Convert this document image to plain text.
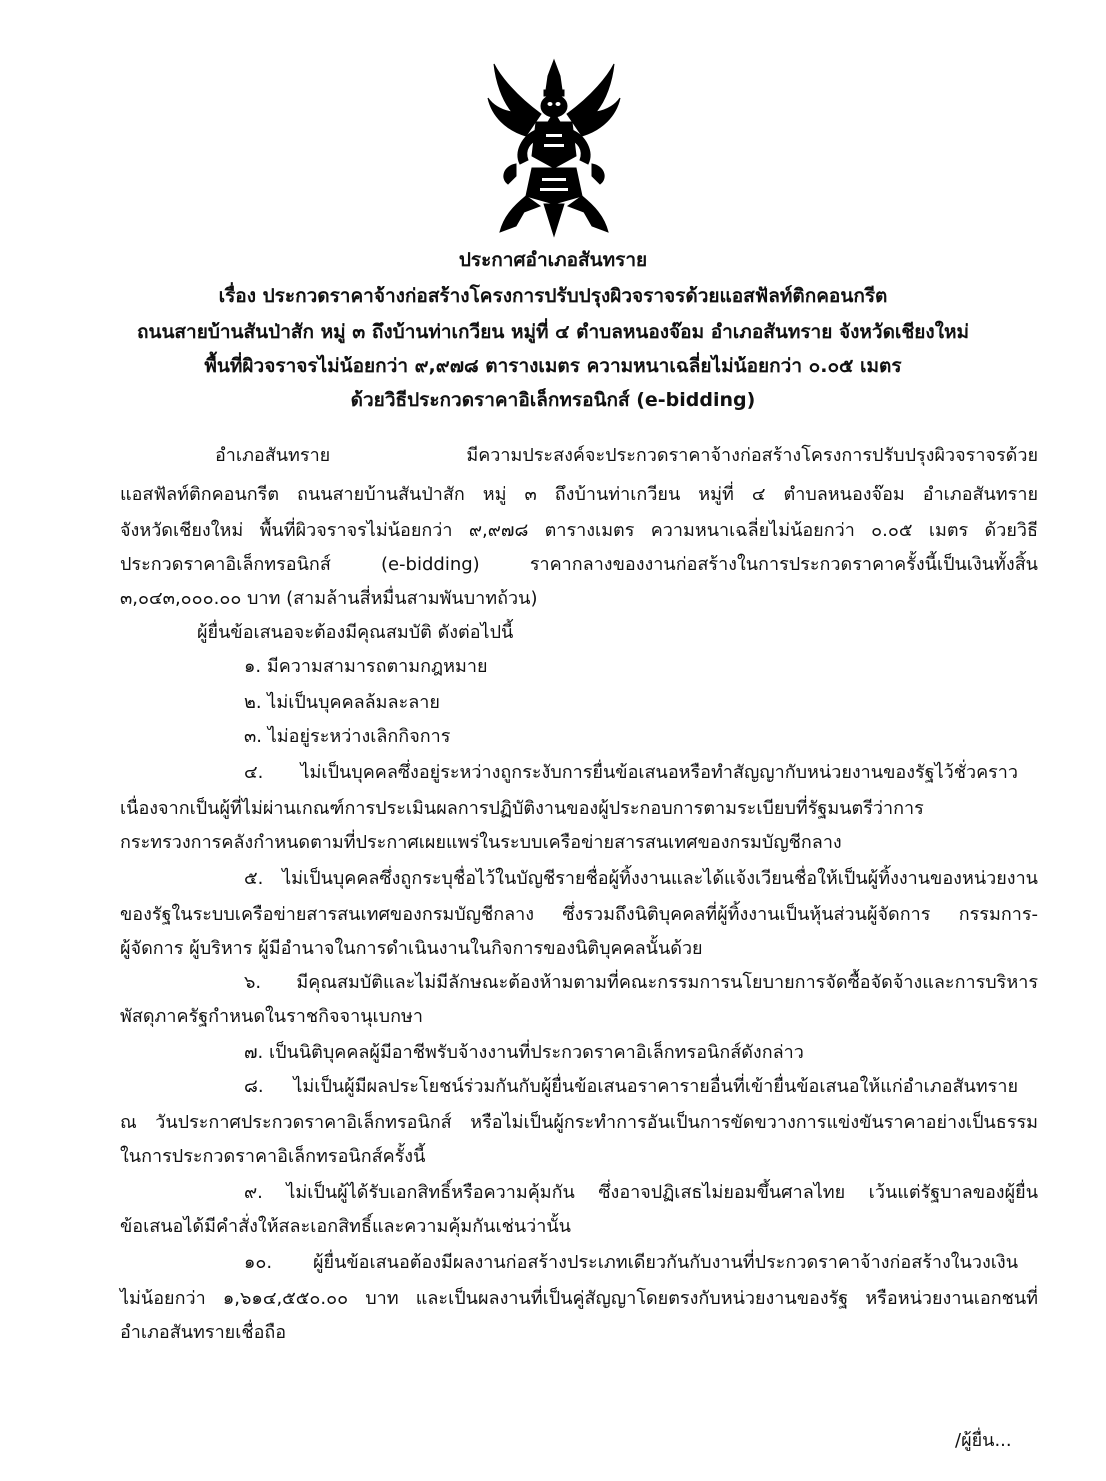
ประกาศอำเภอสันทราย
เรื่อง ประกวดราคาจ้างก่อสร้างโครงการปรับปรุงผิวจราจรด้วยแอสฟัลท์ติกคอนกรีต
ถนนสายบ้านสันป่าสัก หมู่ ๓ ถึงบ้านท่าเกวียน หมู่ที่ ๔ ตำบลหนองจ๊อม อำเภอสันทราย จังหวัดเชียงใหม่
พื้นที่ผิวจราจรไม่น้อยกว่า ๙,๙๗๘ ตารางเมตร ความหนาเฉลี่ยไม่น้อยกว่า ๐.๐๕ เมตร
ด้วยวิธีประกวดราคาอิเล็กทรอนิกส์ (e-bidding)
อำเภอสันทราย มีความประสงค์จะประกวดราคาจ้างก่อสร้างโครงการปรับปรุงผิวจราจรด้วย
แอสฟัลท์ติกคอนกรีต ถนนสายบ้านสันป่าสัก หมู่ ๓ ถึงบ้านท่าเกวียน หมู่ที่ ๔ ตำบลหนองจ๊อม อำเภอสันทราย
จังหวัดเชียงใหม่ พื้นที่ผิวจราจรไม่น้อยกว่า ๙,๙๗๘ ตารางเมตร ความหนาเฉลี่ยไม่น้อยกว่า ๐.๐๕ เมตร ด้วยวิธี
ประกวดราคาอิเล็กทรอนิกส์ (e-bidding) ราคากลางของงานก่อสร้างในการประกวดราคาครั้งนี้เป็นเงินทั้งสิ้น
๓,๐๔๓,๐๐๐.๐๐ บาท (สามล้านสี่หมื่นสามพันบาทถ้วน)
ผู้ยื่นข้อเสนอจะต้องมีคุณสมบัติ ดังต่อไปนี้
๑. มีความสามารถตามกฎหมาย
๒. ไม่เป็นบุคคลล้มละลาย
๓. ไม่อยู่ระหว่างเลิกกิจการ
๔. ไม่เป็นบุคคลซึ่งอยู่ระหว่างถูกระงับการยื่นข้อเสนอหรือทำสัญญากับหน่วยงานของรัฐไว้ชั่วคราว
เนื่องจากเป็นผู้ที่ไม่ผ่านเกณฑ์การประเมินผลการปฏิบัติงานของผู้ประกอบการตามระเบียบที่รัฐมนตรีว่าการ
กระทรวงการคลังกำหนดตามที่ประกาศเผยแพร่ในระบบเครือข่ายสารสนเทศของกรมบัญชีกลาง
๕. ไม่เป็นบุคคลซึ่งถูกระบุชื่อไว้ในบัญชีรายชื่อผู้ทิ้งงานและได้แจ้งเวียนชื่อให้เป็นผู้ทิ้งงานของหน่วยงาน
ของรัฐในระบบเครือข่ายสารสนเทศของกรมบัญชีกลาง ซึ่งรวมถึงนิติบุคคลที่ผู้ทิ้งงานเป็นหุ้นส่วนผู้จัดการ กรรมการ-
ผู้จัดการ ผู้บริหาร ผู้มีอำนาจในการดำเนินงานในกิจการของนิติบุคคลนั้นด้วย
๖. มีคุณสมบัติและไม่มีลักษณะต้องห้ามตามที่คณะกรรมการนโยบายการจัดซื้อจัดจ้างและการบริหาร
พัสดุภาครัฐกำหนดในราชกิจจานุเบกษา
๗. เป็นนิติบุคคลผู้มีอาชีพรับจ้างงานที่ประกวดราคาอิเล็กทรอนิกส์ดังกล่าว
๘. ไม่เป็นผู้มีผลประโยชน์ร่วมกันกับผู้ยื่นข้อเสนอราคารายอื่นที่เข้ายื่นข้อเสนอให้แก่อำเภอสันทราย
ณ วันประกาศประกวดราคาอิเล็กทรอนิกส์ หรือไม่เป็นผู้กระทำการอันเป็นการขัดขวางการแข่งขันราคาอย่างเป็นธรรม
ในการประกวดราคาอิเล็กทรอนิกส์ครั้งนี้
๙. ไม่เป็นผู้ได้รับเอกสิทธิ์หรือความคุ้มกัน ซึ่งอาจปฏิเสธไม่ยอมขึ้นศาลไทย เว้นแต่รัฐบาลของผู้ยื่น
ข้อเสนอได้มีคำสั่งให้สละเอกสิทธิ์และความคุ้มกันเช่นว่านั้น
๑๐. ผู้ยื่นข้อเสนอต้องมีผลงานก่อสร้างประเภทเดียวกันกับงานที่ประกวดราคาจ้างก่อสร้างในวงเงิน
ไม่น้อยกว่า ๑,๖๑๔,๕๕๐.๐๐ บาท และเป็นผลงานที่เป็นคู่สัญญาโดยตรงกับหน่วยงานของรัฐ หรือหน่วยงานเอกชนที่
อำเภอสันทรายเชื่อถือ
/ผู้ยื่น...
